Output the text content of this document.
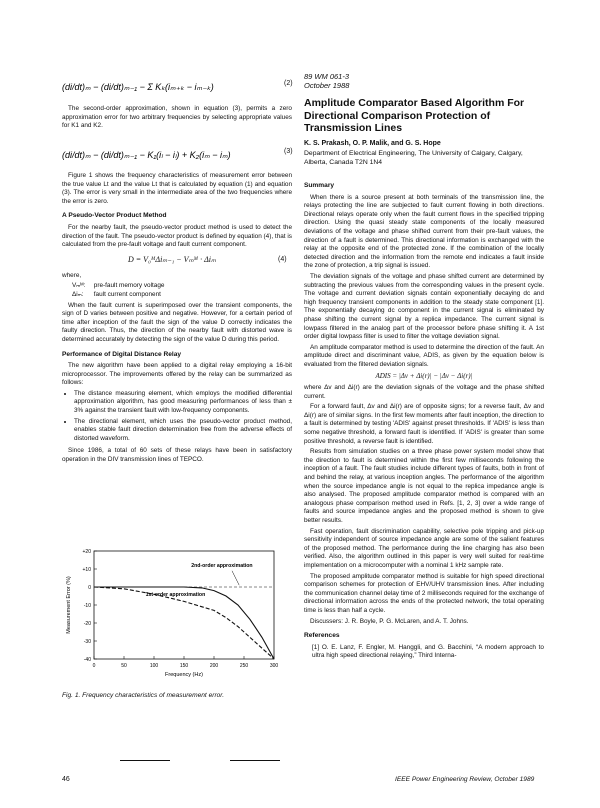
(di/dt)ₘ − (di/dt)ₘ₋₁ − Σ Kₖ(iₘ₊ₖ − iₘ₋ₖ)	(2)

The second-order approximation, shown in equation (3), permits a zero approximation error for two arbitrary frequencies by selecting appropriate values for K1 and K2.

(di/dt)ₘ − (di/dt)ₘ₋₁ − K₁(iₗ − iₗ) + K₂(iₘ − iₘ)	(3)

Figure 1 shows the frequency characteristics of measurement error between the true value Lt and the value Lt that is calculated by equation (1) and equation (3). The error is very small in the intermediate area of the two frequencies where the error is zero.

A Pseudo-Vector Product Method

For the nearby fault, the pseudo-vector product method is used to detect the direction of the fault. The pseudo-vector product is defined by equation (4), that is calculated from the pre-fault voltage and fault current component.

D = V₀ᴹΔiₘ₋₁ − Vₘᴹ · Δiₘ	(4)
where,
Vₘᴹ: pre-fault memory voltage
Δiₘ: fault current component

When the fault current is superimposed over the transient components, the sign of D varies between positive and negative. However, for a certain period of time after inception of the fault the sign of the value D correctly indicates the faulty direction. Thus, the direction of the nearby fault with distorted wave is determined accurately by detecting the sign of the value D during this period.

Performance of Digital Distance Relay

The new algorithm have been applied to a digital relay employing a 16-bit microprocessor. The improvements offered by the relay can be summarized as follows:

• The distance measuring element, which employs the modified differential approximation algorithm, has good measuring performances of less than ± 3% against the transient fault with low-frequency components.
• The directional element, which uses the pseudo-vector product method, enables stable fault direction determination free from the adverse effects of distorted waveform.

Since 1986, a total of 60 sets of these relays have been in satisfactory operation in the DIV transmission lines of TEPCO.

+20
+10
0
-10
-20
-30
-40
0	50	100	150	200	250	300
2nd-order approximation
1st-order approximation
Frequency (Hz)
Measurement Error (%)
Fig. 1. Frequency characteristics of measurement error.
46	IEEE Power Engineering Review, October 1989
89 WM 061-3
October 1988
Amplitude Comparator Based Algorithm For Directional Comparison Protection of Transmission Lines
K. S. Prakash, O. P. Malik, and G. S. Hope
Department of Electrical Engineering, The University of Calgary, Calgary, Alberta, Canada T2N 1N4
Summary

When there is a source present at both terminals of the transmission line, the relays protecting the line are subjected to fault current flowing in both directions. Directional relays operate only when the fault current flows in the specified tripping direction. Using the quasi steady state components of the locally measured deviations of the voltage and phase shifted current from their pre-fault values, the direction of a fault is determined. This directional information is exchanged with the relay at the opposite end of the protected zone. If the combination of the locally detected direction and the information from the remote end indicates a fault inside the zone of protection, a trip signal is issued.

The deviation signals of the voltage and phase shifted current are determined by subtracting the previous values from the corresponding values in the present cycle. The voltage and current deviation signals contain exponentially decaying dc and high frequency transient components in addition to the steady state component [1]. The exponentially decaying dc component in the current signal is eliminated by phase shifting the current signal by a replica impedance. The current signal is lowpass filtered in the analog part of the processor before phase shifting it. A 1st order digital lowpass filter is used to filter the voltage deviation signal.

An amplitude comparator method is used to determine the direction of the fault. An amplitude direct and discriminant value, ADIS, as given by the equation below is evaluated from the filtered deviation signals.

ADIS = |Δv + Δi(r)| − |Δv − Δi(r)|

where Δv and Δi(r) are the deviation signals of the voltage and the phase shifted current.

For a forward fault, Δv and Δi(r) are of opposite signs; for a reverse fault, Δv and Δi(r) are of similar signs. In the first few moments after fault inception, the direction to a fault is determined by testing 'ADIS' against preset thresholds. If 'ADIS' is less than some negative threshold, a forward fault is identified. If 'ADIS' is greater than some positive threshold, a reverse fault is identified.

Results from simulation studies on a three phase power system model show that the direction to fault is determined within the first few milliseconds following the inception of a fault. The fault studies include different types of faults, both in front of and behind the relay, at various inception angles. The performance of the algorithm when the source impedance angle is not equal to the replica impedance angle is also analysed. The proposed amplitude comparator method is compared with an analogous phase comparison method used in Refs. [1, 2, 3] over a wide range of faults and source impedance angles and the proposed method is shown to give better results.

Fast operation, fault discrimination capability, selective pole tripping and pick-up sensitivity independent of source impedance angle are some of the salient features of the proposed method. The performance during the line charging has also been verified. Also, the algorithm outlined in this paper is very well suited for real-time implementation on a microcomputer with a nominal 1 kHz sample rate.

The proposed amplitude comparator method is suitable for high speed directional comparison schemes for protection of EHV/UHV transmission lines. After including the communication channel delay time of 2 milliseconds required for the exchange of directional information across the ends of the protected network, the total operating time is less than half a cycle.

Discussers: J. R. Boyle, P. G. McLaren, and A. T. Johns.

References

[1] O. E. Lanz, F. Engler, M. Hanggli, and G. Bacchini, “A modern approach to ultra high speed directional relaying,” Third Interna-
